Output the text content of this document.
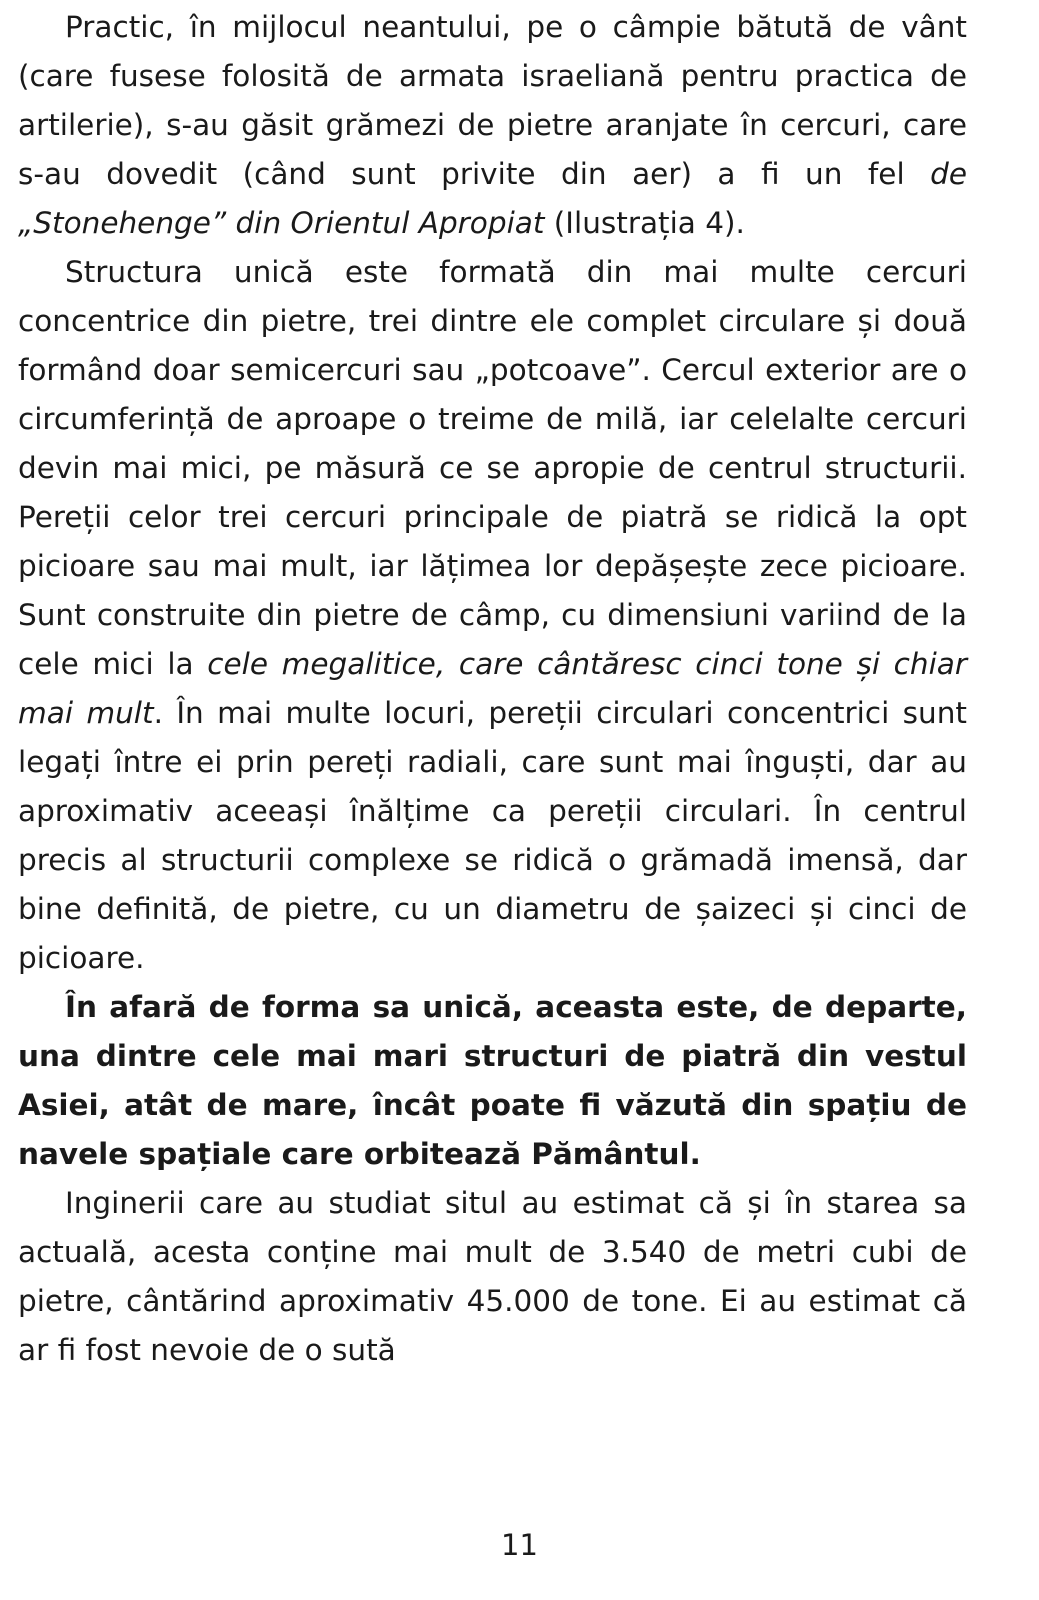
Practic, în mijlocul neantului, pe o câmpie bătută de vânt (care fusese folosită de armata israeliană pentru practica de artilerie), s-au găsit grămezi de pietre aranjate în cercuri, care s-au dovedit (când sunt privite din aer) a fi un fel de „Stonehenge” din Orientul Apropiat (Ilustrația 4).

Structura unică este formată din mai multe cercuri concentrice din pietre, trei dintre ele complet circulare și două formând doar semicercuri sau „potcoave”. Cercul exterior are o circumferință de aproape o treime de milă, iar celelalte cercuri devin mai mici, pe măsură ce se apropie de centrul structurii. Pereții celor trei cercuri principale de piatră se ridică la opt picioare sau mai mult, iar lățimea lor depășește zece picioare. Sunt construite din pietre de câmp, cu dimensiuni variind de la cele mici la cele megalitice, care cântăresc cinci tone și chiar mai mult. În mai multe locuri, pereții circulari concentrici sunt legați între ei prin pereți radiali, care sunt mai înguști, dar au aproximativ aceeași înălțime ca pereții circulari. În centrul precis al structurii complexe se ridică o grămadă imensă, dar bine definită, de pietre, cu un diametru de șaizeci și cinci de picioare.

În afară de forma sa unică, aceasta este, de departe, una dintre cele mai mari structuri de piatră din vestul Asiei, atât de mare, încât poate fi văzută din spațiu de navele spațiale care orbitează Pământul.

Inginerii care au studiat situl au estimat că și în starea sa actuală, acesta conține mai mult de 3.540 de metri cubi de pietre, cântărind aproximativ 45.000 de tone. Ei au estimat că ar fi fost nevoie de o sută

11
